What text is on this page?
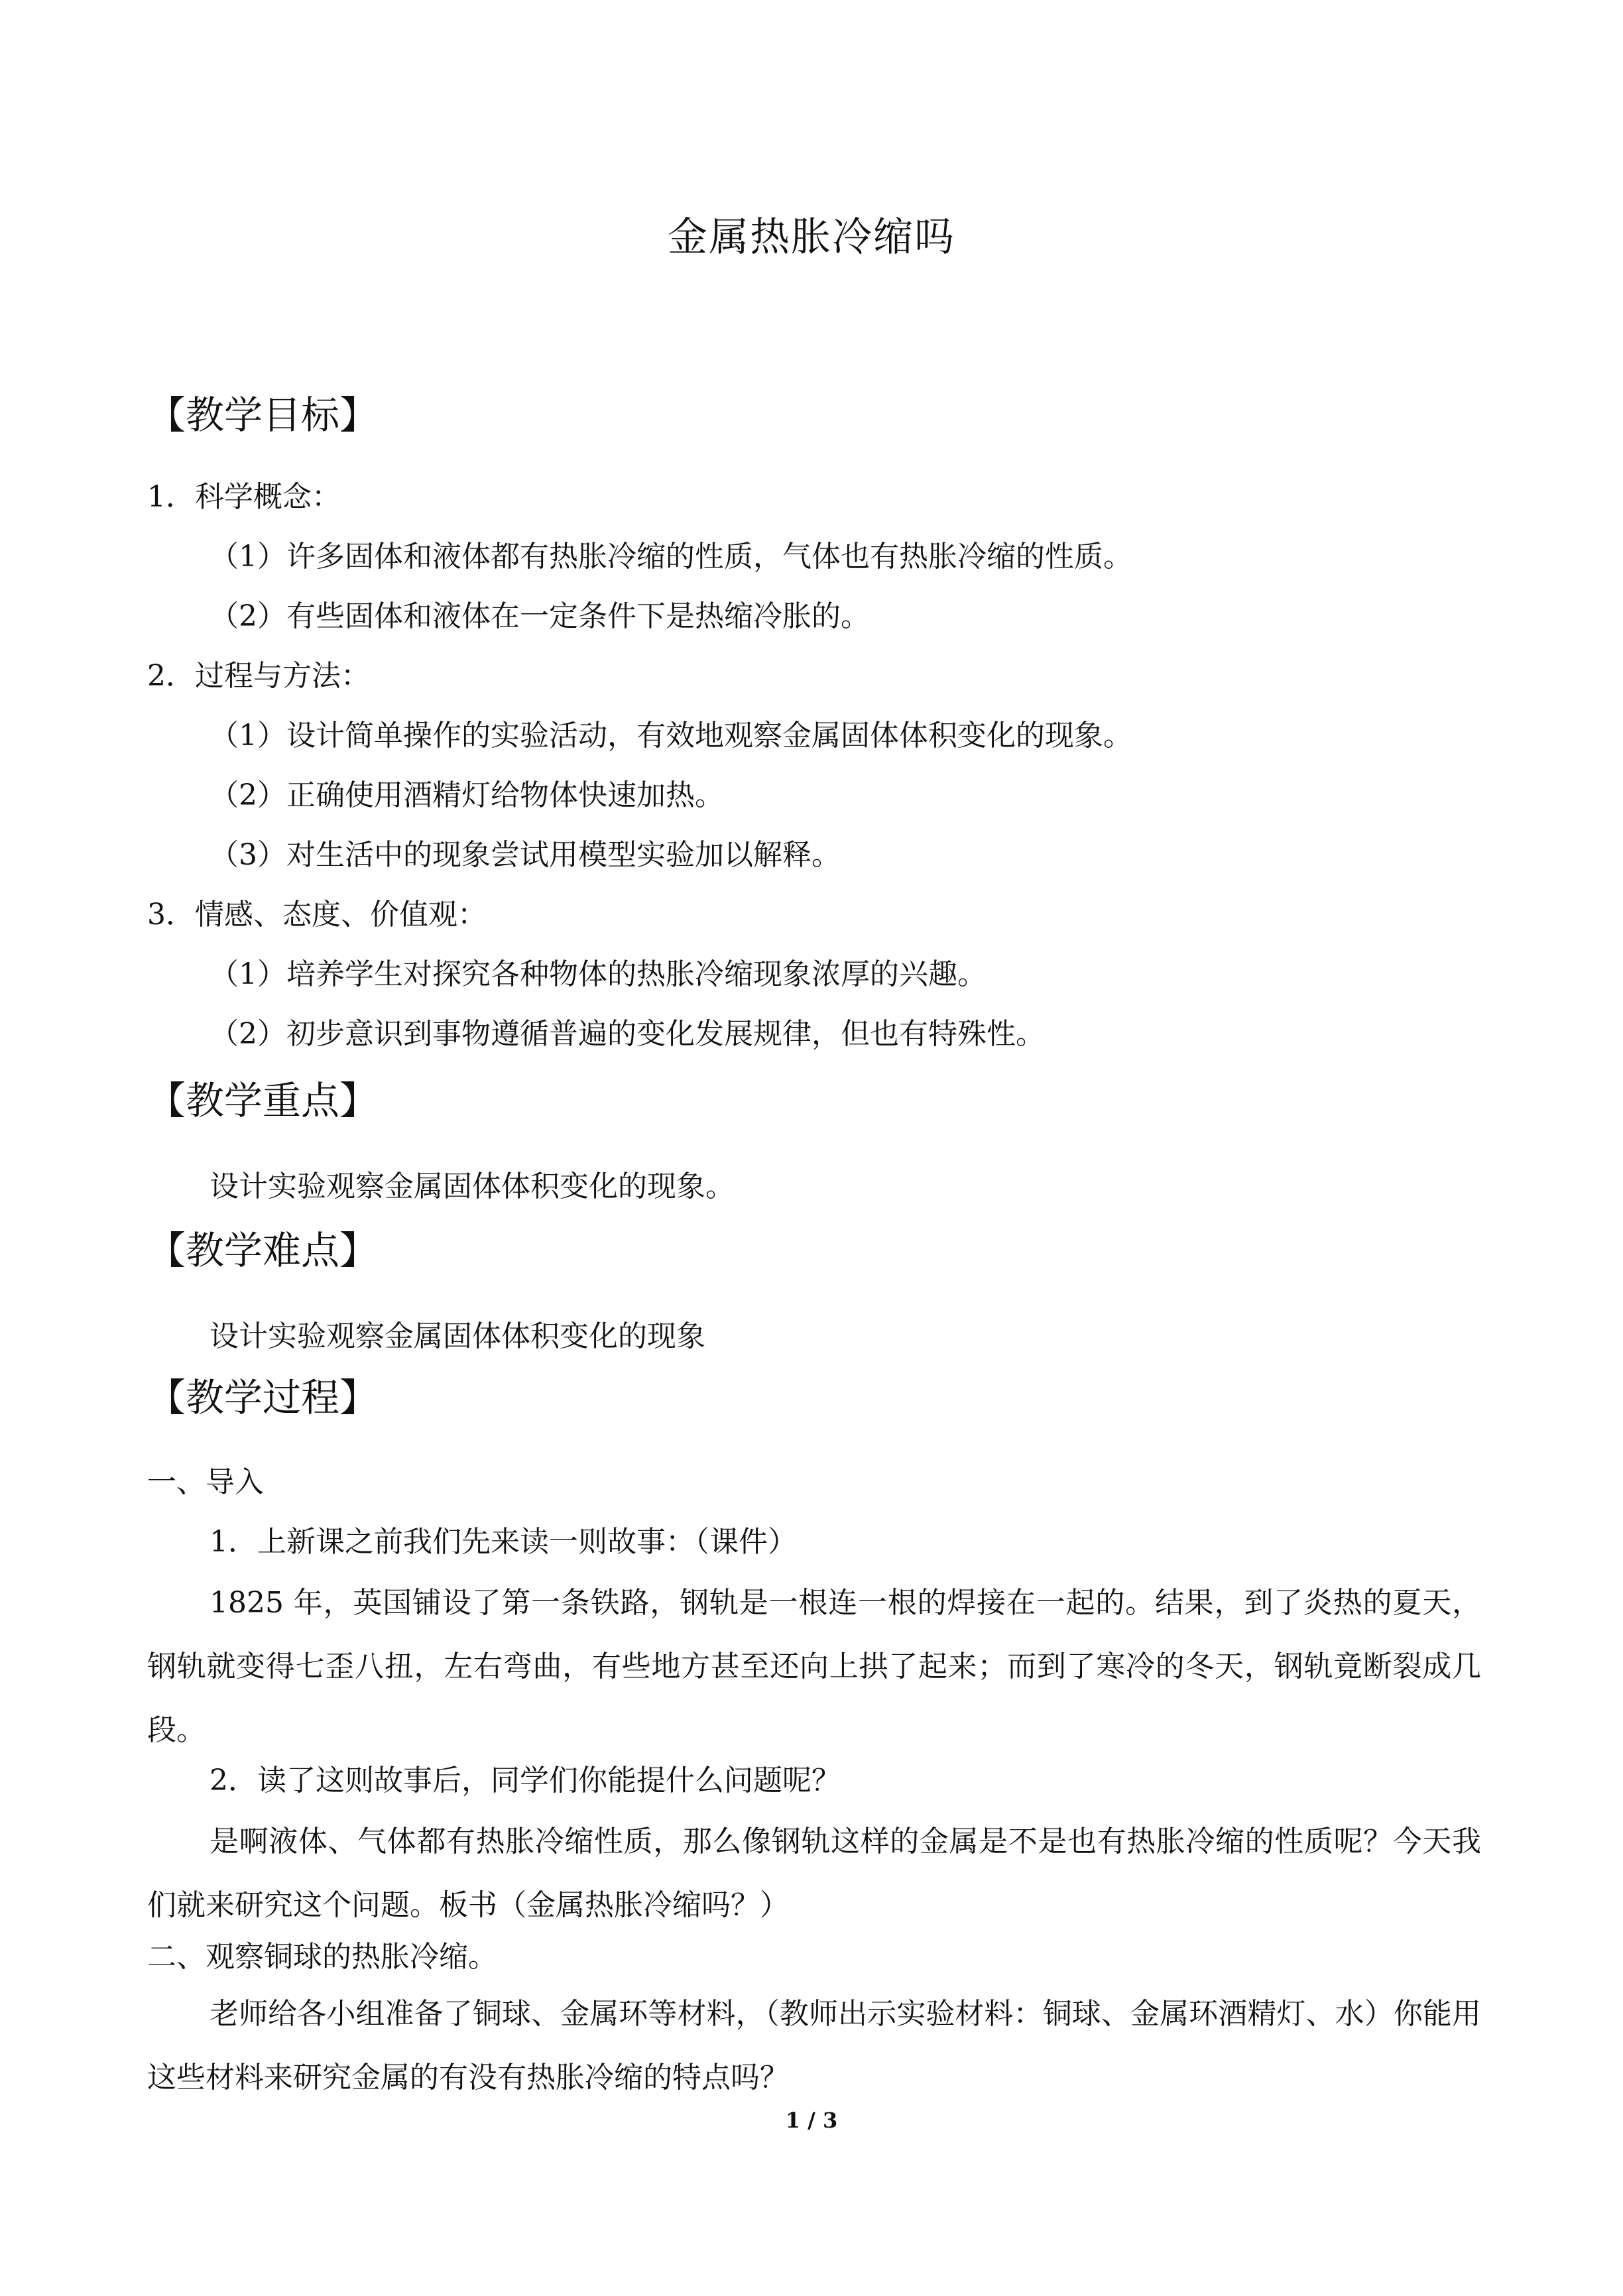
金属热胀冷缩吗
【教学目标】
1．科学概念：
（1）许多固体和液体都有热胀冷缩的性质，气体也有热胀冷缩的性质。
（2）有些固体和液体在一定条件下是热缩冷胀的。
2．过程与方法：
（1）设计简单操作的实验活动，有效地观察金属固体体积变化的现象。
（2）正确使用酒精灯给物体快速加热。
（3）对生活中的现象尝试用模型实验加以解释。
3．情感、态度、价值观：
（1）培养学生对探究各种物体的热胀冷缩现象浓厚的兴趣。
（2）初步意识到事物遵循普遍的变化发展规律，但也有特殊性。
【教学重点】
设计实验观察金属固体体积变化的现象。
【教学难点】
设计实验观察金属固体体积变化的现象
【教学过程】
一、导入
1．上新课之前我们先来读一则故事：（课件）
1825 年，英国铺设了第一条铁路，钢轨是一根连一根的焊接在一起的。结果，到了炎热的夏天，钢轨就变得七歪八扭，左右弯曲，有些地方甚至还向上拱了起来；而到了寒冷的冬天，钢轨竟断裂成几段。
2．读了这则故事后，同学们你能提什么问题呢？
是啊液体、气体都有热胀冷缩性质，那么像钢轨这样的金属是不是也有热胀冷缩的性质呢？今天我们就来研究这个问题。板书（金属热胀冷缩吗？）
二、观察铜球的热胀冷缩。
老师给各小组准备了铜球、金属环等材料，（教师出示实验材料：铜球、金属环酒精灯、水）你能用这些材料来研究金属的有没有热胀冷缩的特点吗？
1 / 3
